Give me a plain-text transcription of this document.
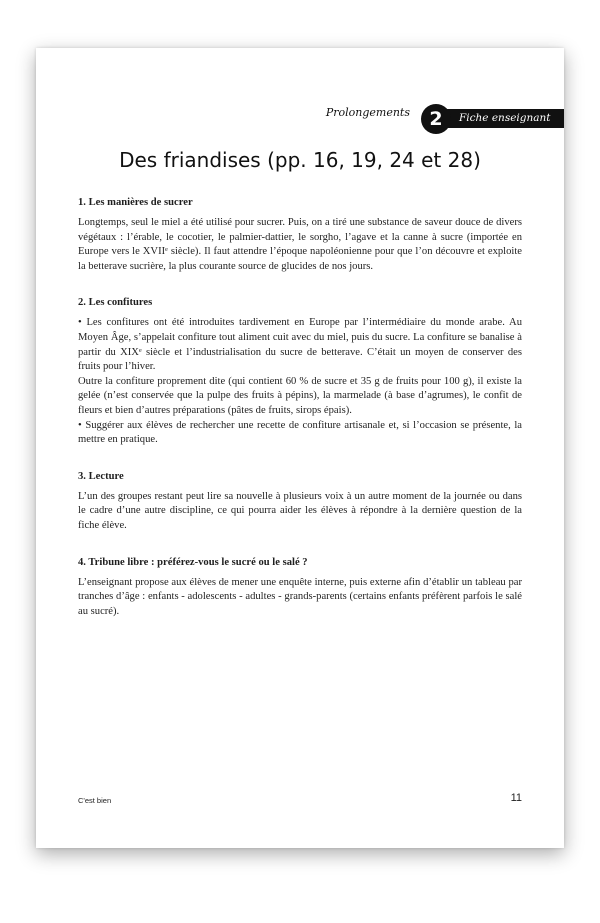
Prolongements	2	Fiche enseignant
Des friandises (pp. 16, 19, 24 et 28)
1. Les manières de sucrer

Longtemps, seul le miel a été utilisé pour sucrer. Puis, on a tiré une substance de saveur douce de divers végétaux : l’érable, le cocotier, le palmier-dattier, le sorgho, l’agave et la canne à sucre (importée en Europe vers le XVIIᵉ siècle). Il faut attendre l’époque napoléonienne pour que l’on découvre et exploite la betterave sucrière, la plus courante source de glucides de nos jours.

2. Les confitures

• Les confitures ont été introduites tardivement en Europe par l’intermédiaire du monde arabe. Au Moyen Âge, s’appelait confiture tout aliment cuit avec du miel, puis du sucre. La confiture se banalise à partir du XIXᵉ siècle et l’industrialisation du sucre de betterave. C’était un moyen de conserver des fruits pour l’hiver.

Outre la confiture proprement dite (qui contient 60 % de sucre et 35 g de fruits pour 100 g), il existe la gelée (n’est conservée que la pulpe des fruits à pépins), la marmelade (à base d’agrumes), le confit de fleurs et bien d’autres préparations (pâtes de fruits, sirops épais).

• Suggérer aux élèves de rechercher une recette de confiture artisanale et, si l’occasion se présente, la mettre en pratique.

3. Lecture

L’un des groupes restant peut lire sa nouvelle à plusieurs voix à un autre moment de la journée ou dans le cadre d’une autre discipline, ce qui pourra aider les élèves à répondre à la dernière question de la fiche élève.

4. Tribune libre : préférez-vous le sucré ou le salé ?

L’enseignant propose aux élèves de mener une enquête interne, puis externe afin d’établir un tableau par tranches d’âge : enfants - adolescents - adultes - grands-parents (certains enfants préfèrent parfois le salé au sucré).

C'est bien	11
